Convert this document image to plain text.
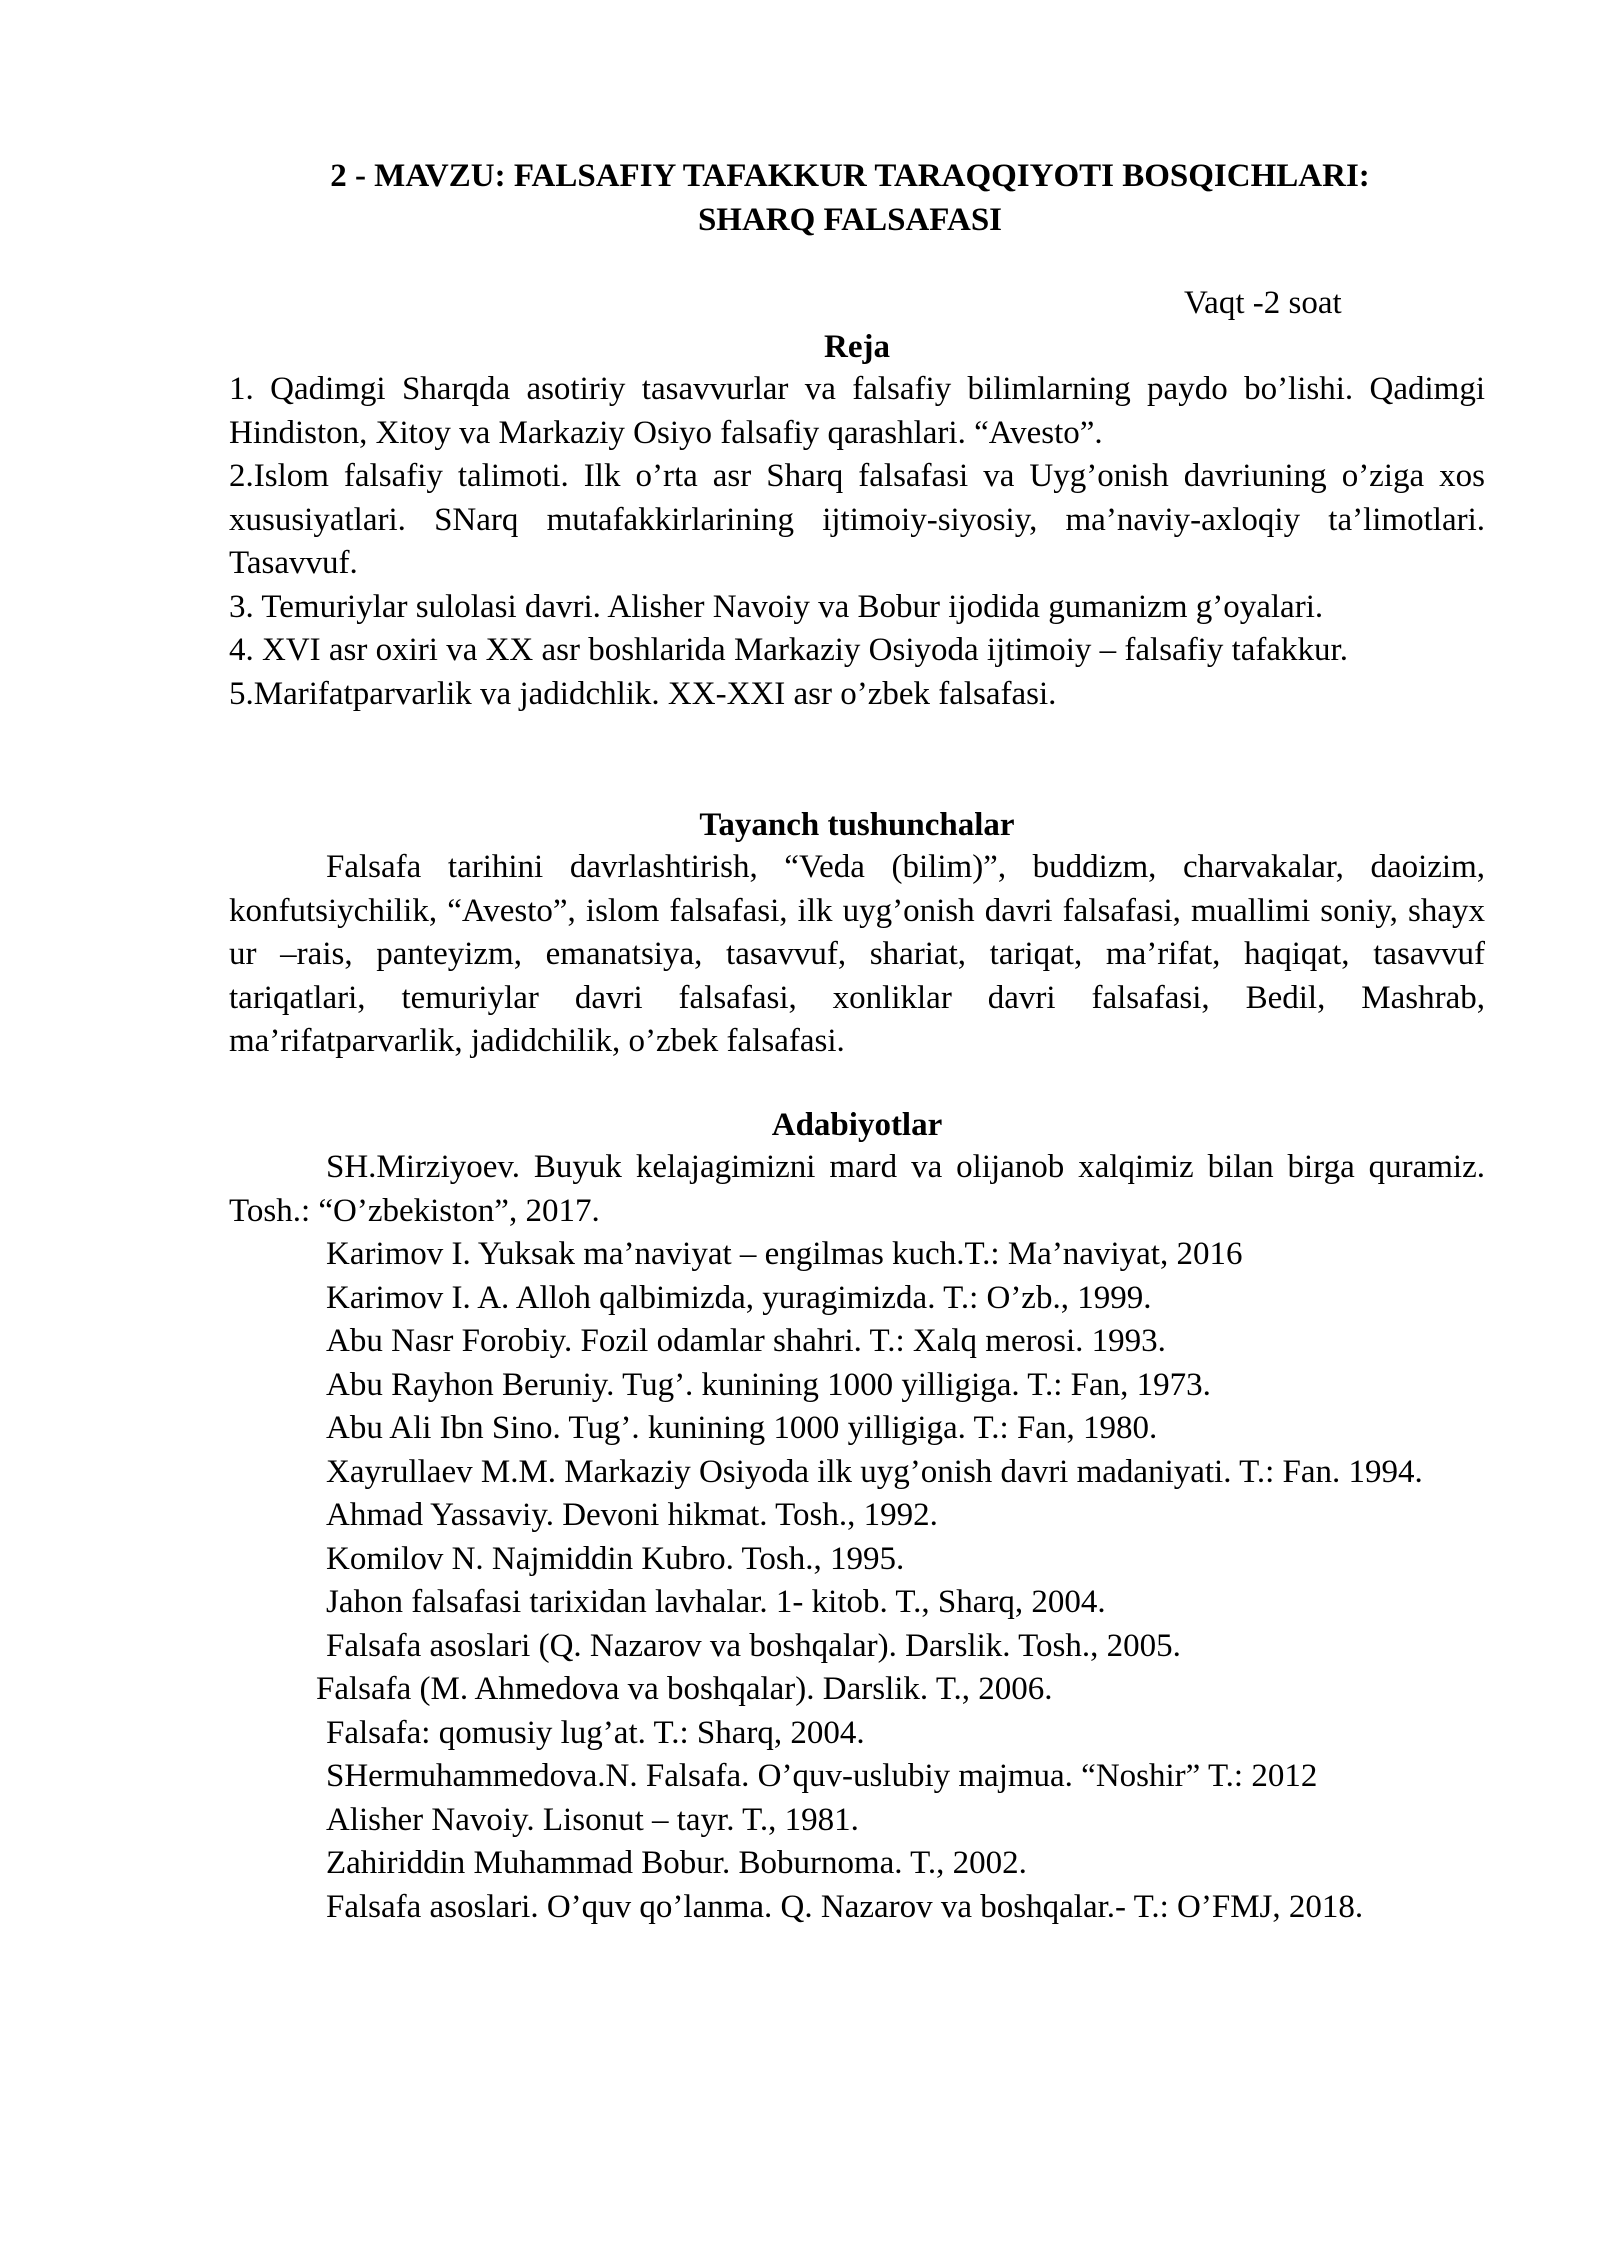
2 - MAVZU: FALSAFIY TAFAKKUR TARAQQIYOTI BOSQICHLARI:

SHARQ FALSAFASI

Vaqt -2 soat

Reja

1. Qadimgi Sharqda asotiriy tasavvurlar va falsafiy bilimlarning paydo bo’lishi. Qadimgi Hindiston, Xitoy va Markaziy Osiyo falsafiy qarashlari. “Avesto”.
2.Islom falsafiy talimoti. Ilk o’rta asr Sharq falsafasi va Uyg’onish davriuning o’ziga xos xususiyatlari. SNarq mutafakkirlarining ijtimoiy-siyosiy, ma’naviy-axloqiy ta’limotlari. Tasavvuf.
3. Temuriylar sulolasi davri. Alisher Navoiy va Bobur ijodida gumanizm g’oyalari.
4. XVI asr oxiri va XX asr boshlarida Markaziy Osiyoda ijtimoiy – falsafiy tafakkur.
5.Marifatparvarlik va jadidchlik. XX-XXI asr o’zbek falsafasi.

Tayanch tushunchalar

Falsafa tarihini davrlashtirish, “Veda (bilim)”, buddizm, charvakalar, daoizim, konfutsiychilik, “Avesto”, islom falsafasi, ilk uyg’onish davri falsafasi, muallimi soniy, shayx ur –rais, panteyizm, emanatsiya, tasavvuf, shariat, tariqat, ma’rifat, haqiqat, tasavvuf tariqatlari, temuriylar davri falsafasi, xonliklar davri falsafasi, Bedil, Mashrab, ma’rifatparvarlik, jadidchilik, o’zbek falsafasi.

Adabiyotlar

SH.Mirziyoev. Buyuk kelajagimizni mard va olijanob xalqimiz bilan birga quramiz. Tosh.: “O’zbekiston”, 2017.
Karimov I. Yuksak ma’naviyat – engilmas kuch.T.: Ma’naviyat, 2016
Karimov I. A. Alloh qalbimizda, yuragimizda. T.: O’zb., 1999.
Abu Nasr Forobiy. Fozil odamlar shahri. T.: Xalq merosi. 1993.
Abu Rayhon Beruniy. Tug’. kunining 1000 yilligiga. T.: Fan, 1973.
Abu Ali Ibn Sino. Tug’. kunining 1000 yilligiga. T.: Fan, 1980.
Xayrullaev M.M. Markaziy Osiyoda ilk uyg’onish davri madaniyati. T.: Fan. 1994.
Ahmad Yassaviy. Devoni hikmat. Tosh., 1992.
Komilov N. Najmiddin Kubro. Tosh., 1995.
Jahon falsafasi tarixidan lavhalar. 1- kitob. T., Sharq, 2004.
Falsafa asoslari (Q. Nazarov va boshqalar). Darslik. Tosh., 2005.
Falsafa (M. Ahmedova va boshqalar). Darslik. T., 2006.
Falsafa: qomusiy lug’at. T.: Sharq, 2004.
SHermuhammedova.N. Falsafa. O’quv-uslubiy majmua. “Noshir” T.: 2012
Alisher Navoiy. Lisonut – tayr. T., 1981.
Zahiriddin Muhammad Bobur. Boburnoma. T., 2002.
Falsafa asoslari. O’quv qo’lanma. Q. Nazarov va boshqalar.- T.: O’FMJ, 2018.
